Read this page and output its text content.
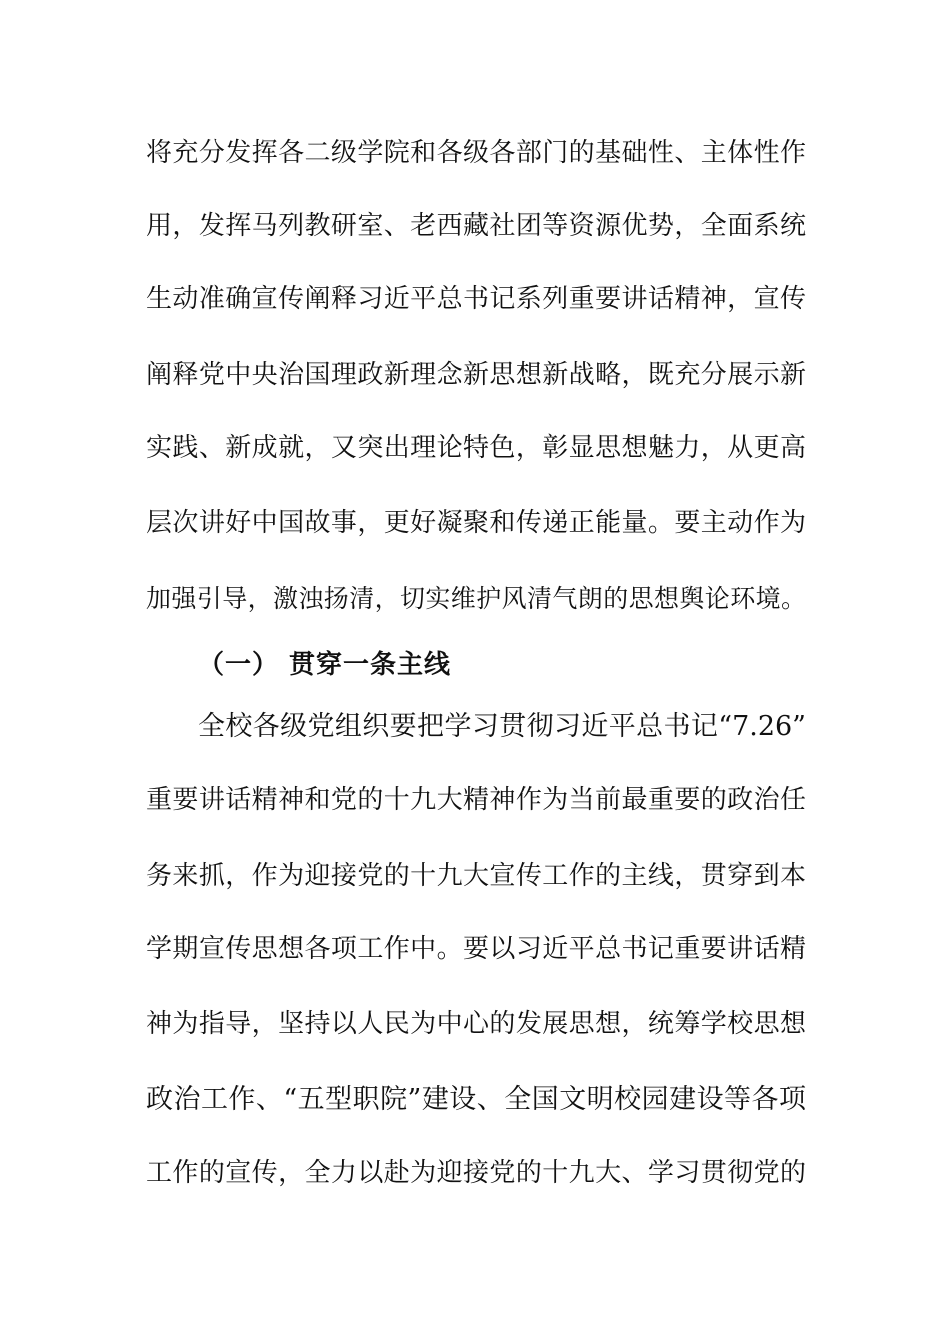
将充分发挥各二级学院和各级各部门的基础性、主体性作
用，发挥马列教研室、老西藏社团等资源优势，全面系统
生动准确宣传阐释习近平总书记系列重要讲话精神，宣传
阐释党中央治国理政新理念新思想新战略，既充分展示新
实践、新成就，又突出理论特色，彰显思想魅力，从更高
层次讲好中国故事，更好凝聚和传递正能量。要主动作为
加强引导，激浊扬清，切实维护风清气朗的思想舆论环境。
（一） 贯穿一条主线
全校各级党组织要把学习贯彻习近平总书记“7.26”
重要讲话精神和党的十九大精神作为当前最重要的政治任
务来抓，作为迎接党的十九大宣传工作的主线，贯穿到本
学期宣传思想各项工作中。要以习近平总书记重要讲话精
神为指导，坚持以人民为中心的发展思想，统筹学校思想
政治工作、“五型职院”建设、全国文明校园建设等各项
工作的宣传，全力以赴为迎接党的十九大、学习贯彻党的
